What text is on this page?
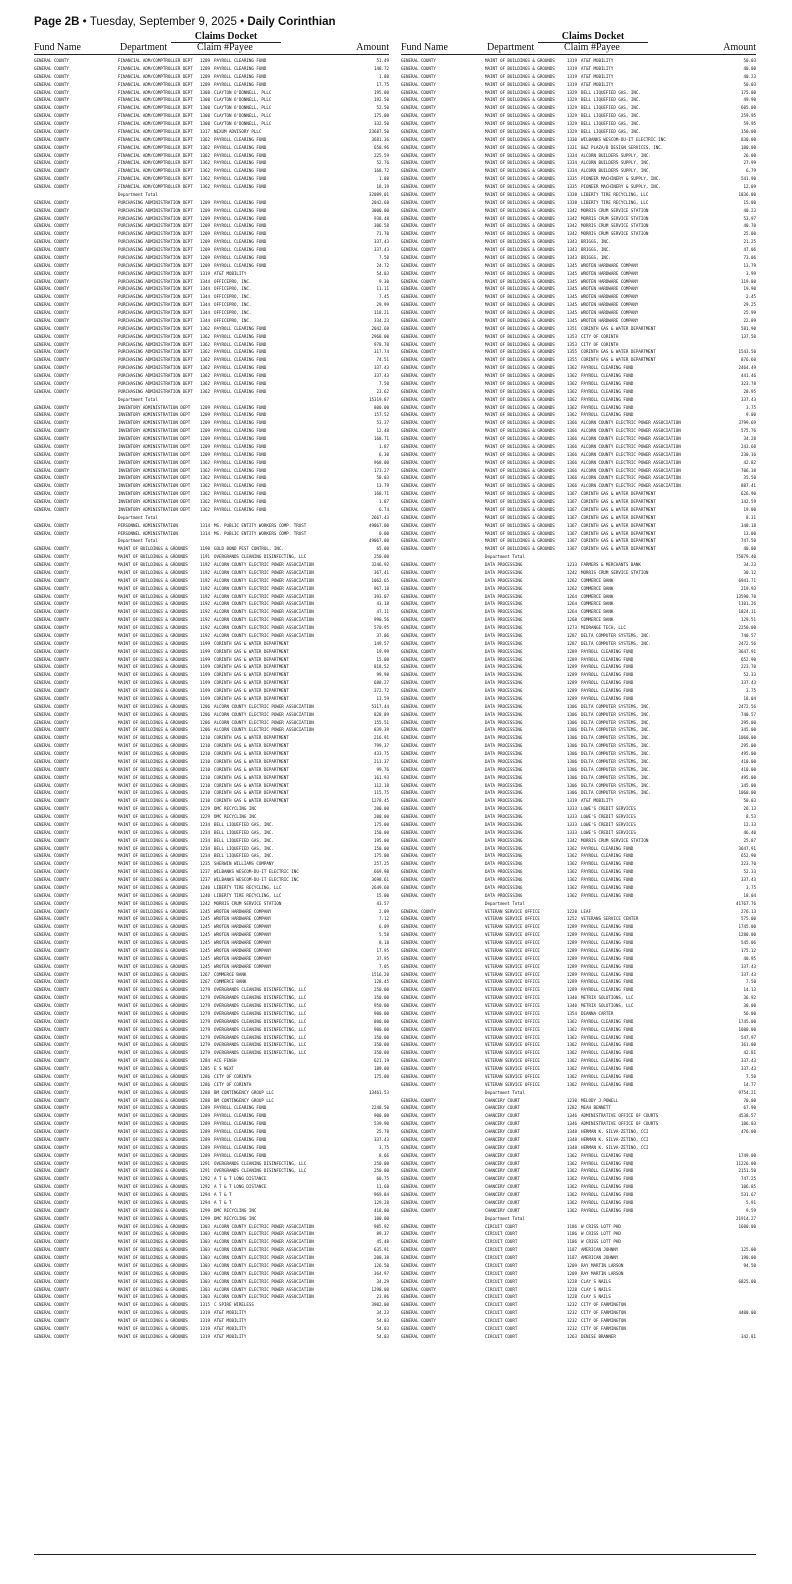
Page 2B • Tuesday, September 9, 2025 • Daily Corinthian
Claims Docket
Fund Name	Department	Claim #Payee	Amount
GENERAL COUNTY	FINANCIAL ADM/COMPTROLLER DEPT	1209 PAYROLL CLEARING FUND	51.49
GENERAL COUNTY	FINANCIAL ADM/COMPTROLLER DEPT	1209 PAYROLL CLEARING FUND	148.72
GENERAL COUNTY	FINANCIAL ADM/COMPTROLLER DEPT	1209 PAYROLL CLEARING FUND	1.88
GENERAL COUNTY	FINANCIAL ADM/COMPTROLLER DEPT	1209 PAYROLL CLEARING FUND	17.75
GENERAL COUNTY	FINANCIAL ADM/COMPTROLLER DEPT	1308 CLAYTON O'DONNELL, PLLC	195.00
GENERAL COUNTY	FINANCIAL ADM/COMPTROLLER DEPT	1308 CLAYTON O'DONNELL, PLLC	192.50
GENERAL COUNTY	FINANCIAL ADM/COMPTROLLER DEPT	1308 CLAYTON O'DONNELL, PLLC	52.50
GENERAL COUNTY	FINANCIAL ADM/COMPTROLLER DEPT	1308 CLAYTON O'DONNELL, PLLC	175.00
GENERAL COUNTY	FINANCIAL ADM/COMPTROLLER DEPT	1308 CLAYTON O'DONNELL, PLLC	332.50
GENERAL COUNTY	FINANCIAL ADM/COMPTROLLER DEPT	1317 NEXUM ADVISORY PLLC	23687.50
GENERAL COUNTY	FINANCIAL ADM/COMPTROLLER DEPT	1362 PAYROLL CLEARING FUND	3681.36
GENERAL COUNTY	FINANCIAL ADM/COMPTROLLER DEPT	1362 PAYROLL CLEARING FUND	658.96
GENERAL COUNTY	FINANCIAL ADM/COMPTROLLER DEPT	1362 PAYROLL CLEARING FUND	225.59
GENERAL COUNTY	FINANCIAL ADM/COMPTROLLER DEPT	1362 PAYROLL CLEARING FUND	52.76
GENERAL COUNTY	FINANCIAL ADM/COMPTROLLER DEPT	1362 PAYROLL CLEARING FUND	168.72
GENERAL COUNTY	FINANCIAL ADM/COMPTROLLER DEPT	1362 PAYROLL CLEARING FUND	1.88
GENERAL COUNTY	FINANCIAL ADM/COMPTROLLER DEPT	1362 PAYROLL CLEARING FUND	18.19
Department Total	32089.01
GENERAL COUNTY	PURCHASING ADMINISTRATION DEPT	1209 PAYROLL CLEARING FUND	2042.68
GENERAL COUNTY	PURCHASING ADMINISTRATION DEPT	1209 PAYROLL CLEARING FUND	3000.00
GENERAL COUNTY	PURCHASING ADMINISTRATION DEPT	1209 PAYROLL CLEARING FUND	938.48
GENERAL COUNTY	PURCHASING ADMINISTRATION DEPT	1209 PAYROLL CLEARING FUND	306.58
GENERAL COUNTY	PURCHASING ADMINISTRATION DEPT	1209 PAYROLL CLEARING FUND	71.70
GENERAL COUNTY	PURCHASING ADMINISTRATION DEPT	1209 PAYROLL CLEARING FUND	337.43
GENERAL COUNTY	PURCHASING ADMINISTRATION DEPT	1209 PAYROLL CLEARING FUND	337.43
GENERAL COUNTY	PURCHASING ADMINISTRATION DEPT	1209 PAYROLL CLEARING FUND	7.50
GENERAL COUNTY	PURCHASING ADMINISTRATION DEPT	1209 PAYROLL CLEARING FUND	24.72
GENERAL COUNTY	PURCHASING ADMINISTRATION DEPT	1319 AT&T MOBILITY	54.03
GENERAL COUNTY	PURCHASING ADMINISTRATION DEPT	1344 OFFICEPRO, INC.	9.30
GENERAL COUNTY	PURCHASING ADMINISTRATION DEPT	1344 OFFICEPRO, INC.	11.11
GENERAL COUNTY	PURCHASING ADMINISTRATION DEPT	1344 OFFICEPRO, INC.	7.45
GENERAL COUNTY	PURCHASING ADMINISTRATION DEPT	1344 OFFICEPRO, INC.	29.99
GENERAL COUNTY	PURCHASING ADMINISTRATION DEPT	1344 OFFICEPRO, INC.	118.21
GENERAL COUNTY	PURCHASING ADMINISTRATION DEPT	1344 OFFICEPRO, INC.	334.23
GENERAL COUNTY	PURCHASING ADMINISTRATION DEPT	1362 PAYROLL CLEARING FUND	2042.68
GENERAL COUNTY	PURCHASING ADMINISTRATION DEPT	1362 PAYROLL CLEARING FUND	2968.00
GENERAL COUNTY	PURCHASING ADMINISTRATION DEPT	1362 PAYROLL CLEARING FUND	978.70
GENERAL COUNTY	PURCHASING ADMINISTRATION DEPT	1362 PAYROLL CLEARING FUND	317.74
GENERAL COUNTY	PURCHASING ADMINISTRATION DEPT	1362 PAYROLL CLEARING FUND	74.51
GENERAL COUNTY	PURCHASING ADMINISTRATION DEPT	1362 PAYROLL CLEARING FUND	337.43
GENERAL COUNTY	PURCHASING ADMINISTRATION DEPT	1362 PAYROLL CLEARING FUND	337.43
GENERAL COUNTY	PURCHASING ADMINISTRATION DEPT	1362 PAYROLL CLEARING FUND	7.50
GENERAL COUNTY	PURCHASING ADMINISTRATION DEPT	1362 PAYROLL CLEARING FUND	23.62
Department Total	15319.87
GENERAL COUNTY	INVENTORY ADMINISTRATION DEPT	1209 PAYROLL CLEARING FUND	800.00
GENERAL COUNTY	INVENTORY ADMINISTRATION DEPT	1209 PAYROLL CLEARING FUND	157.52
GENERAL COUNTY	INVENTORY ADMINISTRATION DEPT	1209 PAYROLL CLEARING FUND	53.37
GENERAL COUNTY	INVENTORY ADMINISTRATION DEPT	1209 PAYROLL CLEARING FUND	12.48
GENERAL COUNTY	INVENTORY ADMINISTRATION DEPT	1209 PAYROLL CLEARING FUND	168.71
GENERAL COUNTY	INVENTORY ADMINISTRATION DEPT	1209 PAYROLL CLEARING FUND	1.87
GENERAL COUNTY	INVENTORY ADMINISTRATION DEPT	1209 PAYROLL CLEARING FUND	6.30
GENERAL COUNTY	INVENTORY ADMINISTRATION DEPT	1362 PAYROLL CLEARING FUND	968.00
GENERAL COUNTY	INVENTORY ADMINISTRATION DEPT	1362 PAYROLL CLEARING FUND	173.27
GENERAL COUNTY	INVENTORY ADMINISTRATION DEPT	1362 PAYROLL CLEARING FUND	58.03
GENERAL COUNTY	INVENTORY ADMINISTRATION DEPT	1362 PAYROLL CLEARING FUND	13.79
GENERAL COUNTY	INVENTORY ADMINISTRATION DEPT	1362 PAYROLL CLEARING FUND	168.71
GENERAL COUNTY	INVENTORY ADMINISTRATION DEPT	1362 PAYROLL CLEARING FUND	1.87
GENERAL COUNTY	INVENTORY ADMINISTRATION DEPT	1362 PAYROLL CLEARING FUND	6.74
Department Total	2667.43
GENERAL COUNTY	PERSONNEL ADMINISTRATION	1314 MS. PUBLIC ENTITY WORKERS COMP. TRUST	49067.00
GENERAL COUNTY	PERSONNEL ADMINISTRATION	1314 MS. PUBLIC ENTITY WORKERS COMP. TRUST	0.00
Department Total	49067.00
GENERAL COUNTY	MAINT OF BUILDINGS & GROUNDS	1190 GOLD BOND PEST CONTROL, INC.	65.00
GENERAL COUNTY	MAINT OF BUILDINGS & GROUNDS	1191 OVERGRANDS CLEANING DISINFECTING, LLC	250.00
GENERAL COUNTY	MAINT OF BUILDINGS & GROUNDS	1192 ALCORN COUNTY ELECTRIC POWER ASSOCIATION	3246.92
GENERAL COUNTY	MAINT OF BUILDINGS & GROUNDS	1192 ALCORN COUNTY ELECTRIC POWER ASSOCIATION	367.41
GENERAL COUNTY	MAINT OF BUILDINGS & GROUNDS	1192 ALCORN COUNTY ELECTRIC POWER ASSOCIATION	1062.65
GENERAL COUNTY	MAINT OF BUILDINGS & GROUNDS	1192 ALCORN COUNTY ELECTRIC POWER ASSOCIATION	967.18
GENERAL COUNTY	MAINT OF BUILDINGS & GROUNDS	1192 ALCORN COUNTY ELECTRIC POWER ASSOCIATION	393.07
GENERAL COUNTY	MAINT OF BUILDINGS & GROUNDS	1192 ALCORN COUNTY ELECTRIC POWER ASSOCIATION	43.18
GENERAL COUNTY	MAINT OF BUILDINGS & GROUNDS	1192 ALCORN COUNTY ELECTRIC POWER ASSOCIATION	47.11
GENERAL COUNTY	MAINT OF BUILDINGS & GROUNDS	1192 ALCORN COUNTY ELECTRIC POWER ASSOCIATION	990.56
GENERAL COUNTY	MAINT OF BUILDINGS & GROUNDS	1192 ALCORN COUNTY ELECTRIC POWER ASSOCIATION	570.95
GENERAL COUNTY	MAINT OF BUILDINGS & GROUNDS	1192 ALCORN COUNTY ELECTRIC POWER ASSOCIATION	37.06
GENERAL COUNTY	MAINT OF BUILDINGS & GROUNDS	1199 CORINTH GAS & WATER DEPARTMENT	149.57
GENERAL COUNTY	MAINT OF BUILDINGS & GROUNDS	1199 CORINTH GAS & WATER DEPARTMENT	19.99
GENERAL COUNTY	MAINT OF BUILDINGS & GROUNDS	1199 CORINTH GAS & WATER DEPARTMENT	15.00
GENERAL COUNTY	MAINT OF BUILDINGS & GROUNDS	1199 CORINTH GAS & WATER DEPARTMENT	818.52
GENERAL COUNTY	MAINT OF BUILDINGS & GROUNDS	1199 CORINTH GAS & WATER DEPARTMENT	99.98
GENERAL COUNTY	MAINT OF BUILDINGS & GROUNDS	1199 CORINTH GAS & WATER DEPARTMENT	688.27
GENERAL COUNTY	MAINT OF BUILDINGS & GROUNDS	1199 CORINTH GAS & WATER DEPARTMENT	372.72
GENERAL COUNTY	MAINT OF BUILDINGS & GROUNDS	1199 CORINTH GAS & WATER DEPARTMENT	13.59
GENERAL COUNTY	MAINT OF BUILDINGS & GROUNDS	1206 ALCORN COUNTY ELECTRIC POWER ASSOCIATION	5317.44
GENERAL COUNTY	MAINT OF BUILDINGS & GROUNDS	1206 ALCORN COUNTY ELECTRIC POWER ASSOCIATION	828.89
GENERAL COUNTY	MAINT OF BUILDINGS & GROUNDS	1206 ALCORN COUNTY ELECTRIC POWER ASSOCIATION	155.51
GENERAL COUNTY	MAINT OF BUILDINGS & GROUNDS	1206 ALCORN COUNTY ELECTRIC POWER ASSOCIATION	839.39
GENERAL COUNTY	MAINT OF BUILDINGS & GROUNDS	1210 CORINTH GAS & WATER DEPARTMENT	216.91
GENERAL COUNTY	MAINT OF BUILDINGS & GROUNDS	1210 CORINTH GAS & WATER DEPARTMENT	799.37
GENERAL COUNTY	MAINT OF BUILDINGS & GROUNDS	1210 CORINTH GAS & WATER DEPARTMENT	433.75
GENERAL COUNTY	MAINT OF BUILDINGS & GROUNDS	1210 CORINTH GAS & WATER DEPARTMENT	211.37
GENERAL COUNTY	MAINT OF BUILDINGS & GROUNDS	1210 CORINTH GAS & WATER DEPARTMENT	99.76
GENERAL COUNTY	MAINT OF BUILDINGS & GROUNDS	1210 CORINTH GAS & WATER DEPARTMENT	161.93
GENERAL COUNTY	MAINT OF BUILDINGS & GROUNDS	1210 CORINTH GAS & WATER DEPARTMENT	112.18
GENERAL COUNTY	MAINT OF BUILDINGS & GROUNDS	1210 CORINTH GAS & WATER DEPARTMENT	115.75
GENERAL COUNTY	MAINT OF BUILDINGS & GROUNDS	1210 CORINTH GAS & WATER DEPARTMENT	1278.45
GENERAL COUNTY	MAINT OF BUILDINGS & GROUNDS	1229 DMC RECYCLING INC	200.00
GENERAL COUNTY	MAINT OF BUILDINGS & GROUNDS	1229 DMC RECYCLING INC	200.00
GENERAL COUNTY	MAINT OF BUILDINGS & GROUNDS	1234 BELL LIQUEFIED GAS, INC.	175.00
GENERAL COUNTY	MAINT OF BUILDINGS & GROUNDS	1234 BELL LIQUEFIED GAS, INC.	150.00
GENERAL COUNTY	MAINT OF BUILDINGS & GROUNDS	1234 BELL LIQUEFIED GAS, INC.	195.00
GENERAL COUNTY	MAINT OF BUILDINGS & GROUNDS	1234 BELL LIQUEFIED GAS, INC.	150.00
GENERAL COUNTY	MAINT OF BUILDINGS & GROUNDS	1234 BELL LIQUEFIED GAS, INC.	175.00
GENERAL COUNTY	MAINT OF BUILDINGS & GROUNDS	1235 SHERWIN WILLIAMS COMPANY	257.25
GENERAL COUNTY	MAINT OF BUILDINGS & GROUNDS	1237 WILBANKS WESCOM-DU-IT ELECTRIC INC	669.98
GENERAL COUNTY	MAINT OF BUILDINGS & GROUNDS	1237 WILBANKS WESCOM-DU-IT ELECTRIC INC	3698.61
GENERAL COUNTY	MAINT OF BUILDINGS & GROUNDS	1240 LIBERTY TIRE RECYCLING, LLC	2649.60
GENERAL COUNTY	MAINT OF BUILDINGS & GROUNDS	1240 LIBERTY TIRE RECYCLING, LLC	15.00
GENERAL COUNTY	MAINT OF BUILDINGS & GROUNDS	1242 MORRIS CRUM SERVICE STATION	43.57
GENERAL COUNTY	MAINT OF BUILDINGS & GROUNDS	1245 WROTEN HARDWARE COMPANY	2.09
GENERAL COUNTY	MAINT OF BUILDINGS & GROUNDS	1245 WROTEN HARDWARE COMPANY	7.12
GENERAL COUNTY	MAINT OF BUILDINGS & GROUNDS	1245 WROTEN HARDWARE COMPANY	6.09
GENERAL COUNTY	MAINT OF BUILDINGS & GROUNDS	1245 WROTEN HARDWARE COMPANY	5.58
GENERAL COUNTY	MAINT OF BUILDINGS & GROUNDS	1245 WROTEN HARDWARE COMPANY	8.18
GENERAL COUNTY	MAINT OF BUILDINGS & GROUNDS	1245 WROTEN HARDWARE COMPANY	17.95
GENERAL COUNTY	MAINT OF BUILDINGS & GROUNDS	1245 WROTEN HARDWARE COMPANY	37.95
GENERAL COUNTY	MAINT OF BUILDINGS & GROUNDS	1245 WROTEN HARDWARE COMPANY	7.05
GENERAL COUNTY	MAINT OF BUILDINGS & GROUNDS	1267 COMMERCE BANK	1516.20
GENERAL COUNTY	MAINT OF BUILDINGS & GROUNDS	1267 COMMERCE BANK	128.45
GENERAL COUNTY	MAINT OF BUILDINGS & GROUNDS	1279 OVERGRANDS CLEANING DISINFECTING, LLC	250.00
GENERAL COUNTY	MAINT OF BUILDINGS & GROUNDS	1279 OVERGRANDS CLEANING DISINFECTING, LLC	350.00
GENERAL COUNTY	MAINT OF BUILDINGS & GROUNDS	1279 OVERGRANDS CLEANING DISINFECTING, LLC	950.00
GENERAL COUNTY	MAINT OF BUILDINGS & GROUNDS	1279 OVERGRANDS CLEANING DISINFECTING, LLC	900.00
GENERAL COUNTY	MAINT OF BUILDINGS & GROUNDS	1279 OVERGRANDS CLEANING DISINFECTING, LLC	800.00
GENERAL COUNTY	MAINT OF BUILDINGS & GROUNDS	1279 OVERGRANDS CLEANING DISINFECTING, LLC	900.00
GENERAL COUNTY	MAINT OF BUILDINGS & GROUNDS	1279 OVERGRANDS CLEANING DISINFECTING, LLC	350.00
GENERAL COUNTY	MAINT OF BUILDINGS & GROUNDS	1279 OVERGRANDS CLEANING DISINFECTING, LLC	350.00
GENERAL COUNTY	MAINT OF BUILDINGS & GROUNDS	1279 OVERGRANDS CLEANING DISINFECTING, LLC	350.00
GENERAL COUNTY	MAINT OF BUILDINGS & GROUNDS	1284 ACE FENSH	621.19
GENERAL COUNTY	MAINT OF BUILDINGS & GROUNDS	1285 E S NEXT	189.00
GENERAL COUNTY	MAINT OF BUILDINGS & GROUNDS	1286 CITY OF CORINTH	175.00
GENERAL COUNTY	MAINT OF BUILDINGS & GROUNDS	1286 CITY OF CORINTH
GENERAL COUNTY	MAINT OF BUILDINGS & GROUNDS	1288 BM CONTINGENCY GROUP LLC	13461.53
GENERAL COUNTY	MAINT OF BUILDINGS & GROUNDS	1288 BM CONTINGENCY GROUP LLC
GENERAL COUNTY	MAINT OF BUILDINGS & GROUNDS	1289 PAYROLL CLEARING FUND	2248.50
GENERAL COUNTY	MAINT OF BUILDINGS & GROUNDS	1289 PAYROLL CLEARING FUND	900.00
GENERAL COUNTY	MAINT OF BUILDINGS & GROUNDS	1289 PAYROLL CLEARING FUND	539.90
GENERAL COUNTY	MAINT OF BUILDINGS & GROUNDS	1289 PAYROLL CLEARING FUND	25.78
GENERAL COUNTY	MAINT OF BUILDINGS & GROUNDS	1289 PAYROLL CLEARING FUND	337.43
GENERAL COUNTY	MAINT OF BUILDINGS & GROUNDS	1289 PAYROLL CLEARING FUND	3.75
GENERAL COUNTY	MAINT OF BUILDINGS & GROUNDS	1289 PAYROLL CLEARING FUND	8.66
GENERAL COUNTY	MAINT OF BUILDINGS & GROUNDS	1291 OVERGRANDS CLEANING DISINFECTING, LLC	250.00
GENERAL COUNTY	MAINT OF BUILDINGS & GROUNDS	1291 OVERGRANDS CLEANING DISINFECTING, LLC	250.00
GENERAL COUNTY	MAINT OF BUILDINGS & GROUNDS	1292 A T & T LONG DISTANCE	60.75
GENERAL COUNTY	MAINT OF BUILDINGS & GROUNDS	1292 A T & T LONG DISTANCE	11.68
GENERAL COUNTY	MAINT OF BUILDINGS & GROUNDS	1294 A T & T	969.84
GENERAL COUNTY	MAINT OF BUILDINGS & GROUNDS	1294 A T & T	129.28
GENERAL COUNTY	MAINT OF BUILDINGS & GROUNDS	1299 DMC RECYCLING INC	418.00
GENERAL COUNTY	MAINT OF BUILDINGS & GROUNDS	1299 DMC RECYCLING INC	100.00
GENERAL COUNTY	MAINT OF BUILDINGS & GROUNDS	1303 ALCORN COUNTY ELECTRIC POWER ASSOCIATION	985.92
GENERAL COUNTY	MAINT OF BUILDINGS & GROUNDS	1303 ALCORN COUNTY ELECTRIC POWER ASSOCIATION	89.37
GENERAL COUNTY	MAINT OF BUILDINGS & GROUNDS	1303 ALCORN COUNTY ELECTRIC POWER ASSOCIATION	45.48
GENERAL COUNTY	MAINT OF BUILDINGS & GROUNDS	1303 ALCORN COUNTY ELECTRIC POWER ASSOCIATION	635.91
GENERAL COUNTY	MAINT OF BUILDINGS & GROUNDS	1303 ALCORN COUNTY ELECTRIC POWER ASSOCIATION	208.38
GENERAL COUNTY	MAINT OF BUILDINGS & GROUNDS	1303 ALCORN COUNTY ELECTRIC POWER ASSOCIATION	126.50
GENERAL COUNTY	MAINT OF BUILDINGS & GROUNDS	1303 ALCORN COUNTY ELECTRIC POWER ASSOCIATION	364.97
GENERAL COUNTY	MAINT OF BUILDINGS & GROUNDS	1303 ALCORN COUNTY ELECTRIC POWER ASSOCIATION	34.29
GENERAL COUNTY	MAINT OF BUILDINGS & GROUNDS	1303 ALCORN COUNTY ELECTRIC POWER ASSOCIATION	1298.00
GENERAL COUNTY	MAINT OF BUILDINGS & GROUNDS	1303 ALCORN COUNTY ELECTRIC POWER ASSOCIATION	23.86
GENERAL COUNTY	MAINT OF BUILDINGS & GROUNDS	1315 C SPIRE WIRELESS	3902.00
GENERAL COUNTY	MAINT OF BUILDINGS & GROUNDS	1319 AT&T MOBILITY	34.23
GENERAL COUNTY	MAINT OF BUILDINGS & GROUNDS	1319 AT&T MOBILITY	54.03
GENERAL COUNTY	MAINT OF BUILDINGS & GROUNDS	1319 AT&T MOBILITY	54.03
GENERAL COUNTY	MAINT OF BUILDINGS & GROUNDS	1319 AT&T MOBILITY	54.03
Claims Docket
Fund Name	Department	Claim #Payee	Amount
GENERAL COUNTY	MAINT OF BUILDINGS & GROUNDS	1319 AT&T MOBILITY	50.03
GENERAL COUNTY	MAINT OF BUILDINGS & GROUNDS	1319 AT&T MOBILITY	40.00
GENERAL COUNTY	MAINT OF BUILDINGS & GROUNDS	1319 AT&T MOBILITY	40.23
GENERAL COUNTY	MAINT OF BUILDINGS & GROUNDS	1319 AT&T MOBILITY	50.03
GENERAL COUNTY	MAINT OF BUILDINGS & GROUNDS	1329 BELL LIQUEFIED GAS, INC.	175.00
GENERAL COUNTY	MAINT OF BUILDINGS & GROUNDS	1329 BELL LIQUEFIED GAS, INC.	49.90
GENERAL COUNTY	MAINT OF BUILDINGS & GROUNDS	1329 BELL LIQUEFIED GAS, INC.	605.00
GENERAL COUNTY	MAINT OF BUILDINGS & GROUNDS	1329 BELL LIQUEFIED GAS, INC.	259.95
GENERAL COUNTY	MAINT OF BUILDINGS & GROUNDS	1329 BELL LIQUEFIED GAS, INC.	59.95
GENERAL COUNTY	MAINT OF BUILDINGS & GROUNDS	1329 BELL LIQUEFIED GAS, INC.	150.00
GENERAL COUNTY	MAINT OF BUILDINGS & GROUNDS	1330 WILBANKS WESCOM-DU-IT ELECTRIC INC	830.00
GENERAL COUNTY	MAINT OF BUILDINGS & GROUNDS	1331 B&Z PLAZA/B DESIGN SERVICES, INC.	100.00
GENERAL COUNTY	MAINT OF BUILDINGS & GROUNDS	1334 ALCORN BUILDERS SUPPLY, INC.	26.00
GENERAL COUNTY	MAINT OF BUILDINGS & GROUNDS	1334 ALCORN BUILDERS SUPPLY, INC.	27.99
GENERAL COUNTY	MAINT OF BUILDINGS & GROUNDS	1334 ALCORN BUILDERS SUPPLY, INC.	6.79
GENERAL COUNTY	MAINT OF BUILDINGS & GROUNDS	1335 PIONEER MACHINERY & SUPPLY, INC.	541.90
GENERAL COUNTY	MAINT OF BUILDINGS & GROUNDS	1335 PIONEER MACHINERY & SUPPLY, INC.	12.09
GENERAL COUNTY	MAINT OF BUILDINGS & GROUNDS	1338 LIBERTY TIRE RECYCLING, LLC	1836.00
GENERAL COUNTY	MAINT OF BUILDINGS & GROUNDS	1338 LIBERTY TIRE RECYCLING, LLC	15.00
GENERAL COUNTY	MAINT OF BUILDINGS & GROUNDS	1342 MORRIS CRUM SERVICE STATION	40.23
GENERAL COUNTY	MAINT OF BUILDINGS & GROUNDS	1342 MORRIS CRUM SERVICE STATION	53.97
GENERAL COUNTY	MAINT OF BUILDINGS & GROUNDS	1342 MORRIS CRUM SERVICE STATION	40.70
GENERAL COUNTY	MAINT OF BUILDINGS & GROUNDS	1342 MORRIS CRUM SERVICE STATION	25.00
GENERAL COUNTY	MAINT OF BUILDINGS & GROUNDS	1343 BRIGGS, INC.	21.25
GENERAL COUNTY	MAINT OF BUILDINGS & GROUNDS	1343 BRIGGS, INC.	47.06
GENERAL COUNTY	MAINT OF BUILDINGS & GROUNDS	1343 BRIGGS, INC.	73.06
GENERAL COUNTY	MAINT OF BUILDINGS & GROUNDS	1345 WROTEN HARDWARE COMPANY	13.79
GENERAL COUNTY	MAINT OF BUILDINGS & GROUNDS	1345 WROTEN HARDWARE COMPANY	3.99
GENERAL COUNTY	MAINT OF BUILDINGS & GROUNDS	1345 WROTEN HARDWARE COMPANY	119.80
GENERAL COUNTY	MAINT OF BUILDINGS & GROUNDS	1345 WROTEN HARDWARE COMPANY	19.90
GENERAL COUNTY	MAINT OF BUILDINGS & GROUNDS	1345 WROTEN HARDWARE COMPANY	2.45
GENERAL COUNTY	MAINT OF BUILDINGS & GROUNDS	1345 WROTEN HARDWARE COMPANY	29.25
GENERAL COUNTY	MAINT OF BUILDINGS & GROUNDS	1345 WROTEN HARDWARE COMPANY	25.99
GENERAL COUNTY	MAINT OF BUILDINGS & GROUNDS	1345 WROTEN HARDWARE COMPANY	22.89
GENERAL COUNTY	MAINT OF BUILDINGS & GROUNDS	1351 CORINTH GAS & WATER DEPARTMENT	581.90
GENERAL COUNTY	MAINT OF BUILDINGS & GROUNDS	1353 CITY OF CORINTH	137.50
GENERAL COUNTY	MAINT OF BUILDINGS & GROUNDS	1353 CITY OF CORINTH
GENERAL COUNTY	MAINT OF BUILDINGS & GROUNDS	1355 CORINTH GAS & WATER DEPARTMENT	1543.50
GENERAL COUNTY	MAINT OF BUILDINGS & GROUNDS	1355 CORINTH GAS & WATER DEPARTMENT	876.60
GENERAL COUNTY	MAINT OF BUILDINGS & GROUNDS	1362 PAYROLL CLEARING FUND	2464.49
GENERAL COUNTY	MAINT OF BUILDINGS & GROUNDS	1362 PAYROLL CLEARING FUND	441.46
GENERAL COUNTY	MAINT OF BUILDINGS & GROUNDS	1362 PAYROLL CLEARING FUND	323.78
GENERAL COUNTY	MAINT OF BUILDINGS & GROUNDS	1362 PAYROLL CLEARING FUND	28.95
GENERAL COUNTY	MAINT OF BUILDINGS & GROUNDS	1362 PAYROLL CLEARING FUND	337.43
GENERAL COUNTY	MAINT OF BUILDINGS & GROUNDS	1362 PAYROLL CLEARING FUND	3.75
GENERAL COUNTY	MAINT OF BUILDINGS & GROUNDS	1362 PAYROLL CLEARING FUND	9.00
GENERAL COUNTY	MAINT OF BUILDINGS & GROUNDS	1366 ALCORN COUNTY ELECTRIC POWER ASSOCIATION	3799.69
GENERAL COUNTY	MAINT OF BUILDINGS & GROUNDS	1366 ALCORN COUNTY ELECTRIC POWER ASSOCIATION	575.76
GENERAL COUNTY	MAINT OF BUILDINGS & GROUNDS	1366 ALCORN COUNTY ELECTRIC POWER ASSOCIATION	34.28
GENERAL COUNTY	MAINT OF BUILDINGS & GROUNDS	1366 ALCORN COUNTY ELECTRIC POWER ASSOCIATION	243.60
GENERAL COUNTY	MAINT OF BUILDINGS & GROUNDS	1366 ALCORN COUNTY ELECTRIC POWER ASSOCIATION	230.16
GENERAL COUNTY	MAINT OF BUILDINGS & GROUNDS	1366 ALCORN COUNTY ELECTRIC POWER ASSOCIATION	42.82
GENERAL COUNTY	MAINT OF BUILDINGS & GROUNDS	1366 ALCORN COUNTY ELECTRIC POWER ASSOCIATION	706.38
GENERAL COUNTY	MAINT OF BUILDINGS & GROUNDS	1366 ALCORN COUNTY ELECTRIC POWER ASSOCIATION	35.50
GENERAL COUNTY	MAINT OF BUILDINGS & GROUNDS	1366 ALCORN COUNTY ELECTRIC POWER ASSOCIATION	887.41
GENERAL COUNTY	MAINT OF BUILDINGS & GROUNDS	1367 CORINTH GAS & WATER DEPARTMENT	626.90
GENERAL COUNTY	MAINT OF BUILDINGS & GROUNDS	1367 CORINTH GAS & WATER DEPARTMENT	142.59
GENERAL COUNTY	MAINT OF BUILDINGS & GROUNDS	1367 CORINTH GAS & WATER DEPARTMENT	19.00
GENERAL COUNTY	MAINT OF BUILDINGS & GROUNDS	1367 CORINTH GAS & WATER DEPARTMENT	8.31
GENERAL COUNTY	MAINT OF BUILDINGS & GROUNDS	1367 CORINTH GAS & WATER DEPARTMENT	348.18
GENERAL COUNTY	MAINT OF BUILDINGS & GROUNDS	1367 CORINTH GAS & WATER DEPARTMENT	13.00
GENERAL COUNTY	MAINT OF BUILDINGS & GROUNDS	1367 CORINTH GAS & WATER DEPARTMENT	747.50
GENERAL COUNTY	MAINT OF BUILDINGS & GROUNDS	1367 CORINTH GAS & WATER DEPARTMENT	40.00
Department Total	75879.40
GENERAL COUNTY	DATA PROCESSING	1233 FARMERS & MERCHANTS BANK	34.23
GENERAL COUNTY	DATA PROCESSING	1242 MORRIS CRUM SERVICE STATION	30.12
GENERAL COUNTY	DATA PROCESSING	1262 COMMERCE BANK	6941.71
GENERAL COUNTY	DATA PROCESSING	1262 COMMERCE BANK	219.93
GENERAL COUNTY	DATA PROCESSING	1264 COMMERCE BANK	13590.70
GENERAL COUNTY	DATA PROCESSING	1264 COMMERCE BANK	1101.26
GENERAL COUNTY	DATA PROCESSING	1264 COMMERCE BANK	1824.11
GENERAL COUNTY	DATA PROCESSING	1268 COMMERCE BANK	129.51
GENERAL COUNTY	DATA PROCESSING	1273 MIDRANGE TECH, LLC	2250.00
GENERAL COUNTY	DATA PROCESSING	1287 DELTA COMPUTER SYSTEMS, INC.	740.57
GENERAL COUNTY	DATA PROCESSING	1287 DELTA COMPUTER SYSTEMS, INC.	2472.56
GENERAL COUNTY	DATA PROCESSING	1289 PAYROLL CLEARING FUND	3647.91
GENERAL COUNTY	DATA PROCESSING	1289 PAYROLL CLEARING FUND	652.90
GENERAL COUNTY	DATA PROCESSING	1289 PAYROLL CLEARING FUND	223.70
GENERAL COUNTY	DATA PROCESSING	1289 PAYROLL CLEARING FUND	52.33
GENERAL COUNTY	DATA PROCESSING	1289 PAYROLL CLEARING FUND	337.43
GENERAL COUNTY	DATA PROCESSING	1289 PAYROLL CLEARING FUND	3.75
GENERAL COUNTY	DATA PROCESSING	1289 PAYROLL CLEARING FUND	18.04
GENERAL COUNTY	DATA PROCESSING	1306 DELTA COMPUTER SYSTEMS, INC.	2472.56
GENERAL COUNTY	DATA PROCESSING	1306 DELTA COMPUTER SYSTEMS, INC.	740.57
GENERAL COUNTY	DATA PROCESSING	1306 DELTA COMPUTER SYSTEMS, INC.	295.00
GENERAL COUNTY	DATA PROCESSING	1306 DELTA COMPUTER SYSTEMS, INC.	345.00
GENERAL COUNTY	DATA PROCESSING	1306 DELTA COMPUTER SYSTEMS, INC.	1060.00
GENERAL COUNTY	DATA PROCESSING	1306 DELTA COMPUTER SYSTEMS, INC.	295.00
GENERAL COUNTY	DATA PROCESSING	1306 DELTA COMPUTER SYSTEMS, INC.	495.00
GENERAL COUNTY	DATA PROCESSING	1306 DELTA COMPUTER SYSTEMS, INC.	410.00
GENERAL COUNTY	DATA PROCESSING	1306 DELTA COMPUTER SYSTEMS, INC.	410.00
GENERAL COUNTY	DATA PROCESSING	1306 DELTA COMPUTER SYSTEMS, INC.	495.00
GENERAL COUNTY	DATA PROCESSING	1306 DELTA COMPUTER SYSTEMS, INC.	345.00
GENERAL COUNTY	DATA PROCESSING	1306 DELTA COMPUTER SYSTEMS, INC.	1060.00
GENERAL COUNTY	DATA PROCESSING	1319 AT&T MOBILITY	50.03
GENERAL COUNTY	DATA PROCESSING	1333 LOWE'S CREDIT SERVICES	26.13
GENERAL COUNTY	DATA PROCESSING	1333 LOWE'S CREDIT SERVICES	8.53
GENERAL COUNTY	DATA PROCESSING	1333 LOWE'S CREDIT SERVICES	12.33
GENERAL COUNTY	DATA PROCESSING	1333 LOWE'S CREDIT SERVICES	46.40
GENERAL COUNTY	DATA PROCESSING	1342 MORRIS CRUM SERVICE STATION	25.87
GENERAL COUNTY	DATA PROCESSING	1362 PAYROLL CLEARING FUND	3647.91
GENERAL COUNTY	DATA PROCESSING	1362 PAYROLL CLEARING FUND	652.90
GENERAL COUNTY	DATA PROCESSING	1362 PAYROLL CLEARING FUND	223.70
GENERAL COUNTY	DATA PROCESSING	1362 PAYROLL CLEARING FUND	52.33
GENERAL COUNTY	DATA PROCESSING	1362 PAYROLL CLEARING FUND	337.43
GENERAL COUNTY	DATA PROCESSING	1362 PAYROLL CLEARING FUND	3.75
GENERAL COUNTY	DATA PROCESSING	1362 PAYROLL CLEARING FUND	18.04
Department Total	41767.76
GENERAL COUNTY	VETERAN SERVICE OFFICE	1220 LEAF	276.13
GENERAL COUNTY	VETERAN SERVICE OFFICE	1252 VETERANS SERVICE CENTER	575.00
GENERAL COUNTY	VETERAN SERVICE OFFICE	1289 PAYROLL CLEARING FUND	1745.00
GENERAL COUNTY	VETERAN SERVICE OFFICE	1289 PAYROLL CLEARING FUND	1280.00
GENERAL COUNTY	VETERAN SERVICE OFFICE	1289 PAYROLL CLEARING FUND	545.06
GENERAL COUNTY	VETERAN SERVICE OFFICE	1289 PAYROLL CLEARING FUND	175.12
GENERAL COUNTY	VETERAN SERVICE OFFICE	1289 PAYROLL CLEARING FUND	40.95
GENERAL COUNTY	VETERAN SERVICE OFFICE	1289 PAYROLL CLEARING FUND	337.43
GENERAL COUNTY	VETERAN SERVICE OFFICE	1289 PAYROLL CLEARING FUND	337.43
GENERAL COUNTY	VETERAN SERVICE OFFICE	1289 PAYROLL CLEARING FUND	7.50
GENERAL COUNTY	VETERAN SERVICE OFFICE	1289 PAYROLL CLEARING FUND	14.13
GENERAL COUNTY	VETERAN SERVICE OFFICE	1340 METRIX SOLUTIONS, LLC	36.92
GENERAL COUNTY	VETERAN SERVICE OFFICE	1340 METRIX SOLUTIONS, LLC	30.00
GENERAL COUNTY	VETERAN SERVICE OFFICE	1354 DEANNA CARTER	56.00
GENERAL COUNTY	VETERAN SERVICE OFFICE	1362 PAYROLL CLEARING FUND	1745.00
GENERAL COUNTY	VETERAN SERVICE OFFICE	1362 PAYROLL CLEARING FUND	1080.00
GENERAL COUNTY	VETERAN SERVICE OFFICE	1362 PAYROLL CLEARING FUND	547.97
GENERAL COUNTY	VETERAN SERVICE OFFICE	1362 PAYROLL CLEARING FUND	161.00
GENERAL COUNTY	VETERAN SERVICE OFFICE	1362 PAYROLL CLEARING FUND	42.81
GENERAL COUNTY	VETERAN SERVICE OFFICE	1362 PAYROLL CLEARING FUND	337.43
GENERAL COUNTY	VETERAN SERVICE OFFICE	1362 PAYROLL CLEARING FUND	337.43
GENERAL COUNTY	VETERAN SERVICE OFFICE	1362 PAYROLL CLEARING FUND	7.50
GENERAL COUNTY	VETERAN SERVICE OFFICE	1362 PAYROLL CLEARING FUND	14.77
Department Total	9754.21
GENERAL COUNTY	CHANCERY COURT	1230 MELODY J POWELL	70.00
GENERAL COUNTY	CHANCERY COURT	1282 MEAH BENNETT	67.90
GENERAL COUNTY	CHANCERY COURT	1346 ADMINISTRATIVE OFFICE OF COURTS	4538.57
GENERAL COUNTY	CHANCERY COURT	1346 ADMINISTRATIVE OFFICE OF COURTS	106.03
GENERAL COUNTY	CHANCERY COURT	1348 HERMAN K. SILVA-ZETINO, CCI	476.00
GENERAL COUNTY	CHANCERY COURT	1348 HERMAN K. SILVA-ZETINO, CCI
GENERAL COUNTY	CHANCERY COURT	1348 HERMAN K. SILVA-ZETINO, CCI
GENERAL COUNTY	CHANCERY COURT	1362 PAYROLL CLEARING FUND	1749.00
GENERAL COUNTY	CHANCERY COURT	1362 PAYROLL CLEARING FUND	11226.00
GENERAL COUNTY	CHANCERY COURT	1362 PAYROLL CLEARING FUND	2151.50
GENERAL COUNTY	CHANCERY COURT	1362 PAYROLL CLEARING FUND	747.25
GENERAL COUNTY	CHANCERY COURT	1362 PAYROLL CLEARING FUND	106.85
GENERAL COUNTY	CHANCERY COURT	1362 PAYROLL CLEARING FUND	531.67
GENERAL COUNTY	CHANCERY COURT	1362 PAYROLL CLEARING FUND	5.91
GENERAL COUNTY	CHANCERY COURT	1362 PAYROLL CLEARING FUND	9.59
Department Total	21914.27
GENERAL COUNTY	CIRCUIT COURT	1186 W CRISS LOTT PHD	1600.00
GENERAL COUNTY	CIRCUIT COURT	1186 W CRISS LOTT PHD
GENERAL COUNTY	CIRCUIT COURT	1186 W CRISS LOTT PHD
GENERAL COUNTY	CIRCUIT COURT	1187 AMERICAN JOHNNY	125.00
GENERAL COUNTY	CIRCUIT COURT	1187 AMERICAN JOHNNY	190.00
GENERAL COUNTY	CIRCUIT COURT	1209 RAY MARTIN LARSON	94.50
GENERAL COUNTY	CIRCUIT COURT	1209 RAY MARTIN LARSON
GENERAL COUNTY	CIRCUIT COURT	1228 CLAY S NAILS	6825.00
GENERAL COUNTY	CIRCUIT COURT	1228 CLAY S NAILS
GENERAL COUNTY	CIRCUIT COURT	1228 CLAY S NAILS
GENERAL COUNTY	CIRCUIT COURT	1232 CITY OF FARMINGTON
GENERAL COUNTY	CIRCUIT COURT	1232 CITY OF FARMINGTON	4400.00
GENERAL COUNTY	CIRCUIT COURT	1232 CITY OF FARMINGTON
GENERAL COUNTY	CIRCUIT COURT	1232 CITY OF FARMINGTON
GENERAL COUNTY	CIRCUIT COURT	1263 DENISE BRANNER	342.81
